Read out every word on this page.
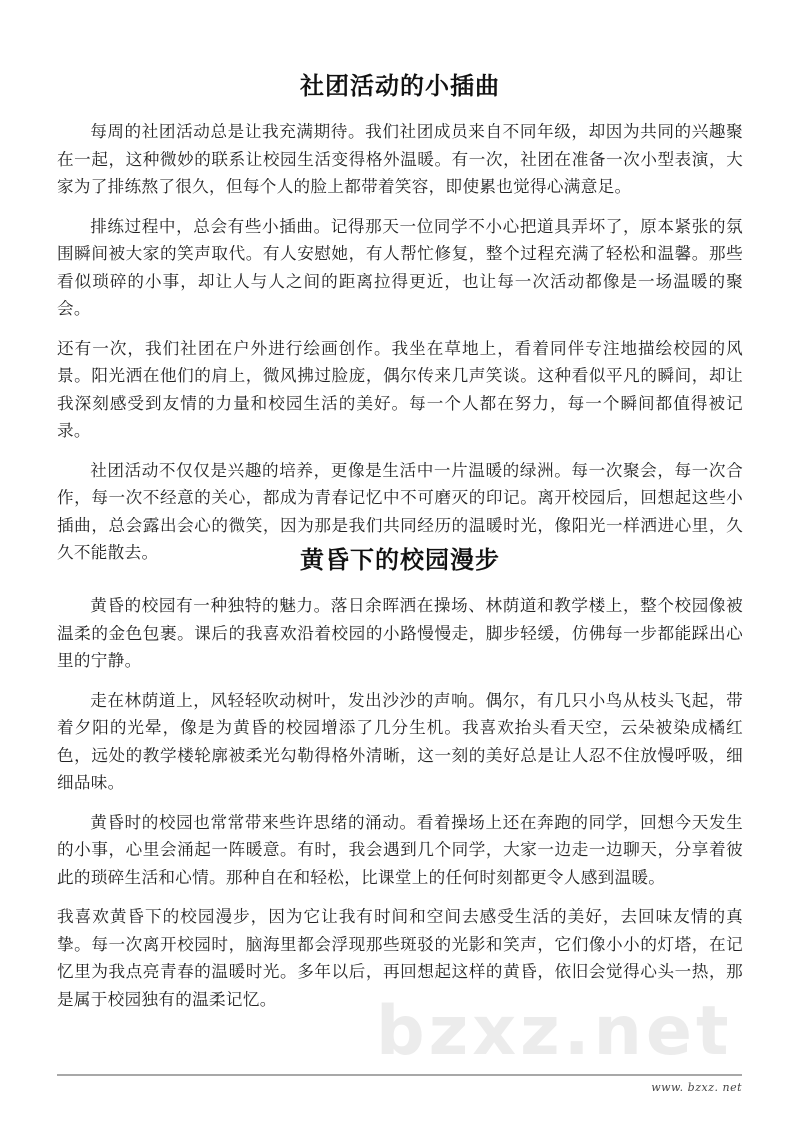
社团活动的小插曲

每周的社团活动总是让我充满期待。我们社团成员来自不同年级，却因为共同的兴趣聚在一起，这种微妙的联系让校园生活变得格外温暖。有一次，社团在准备一次小型表演，大家为了排练熬了很久，但每个人的脸上都带着笑容，即使累也觉得心满意足。

排练过程中，总会有些小插曲。记得那天一位同学不小心把道具弄坏了，原本紧张的氛围瞬间被大家的笑声取代。有人安慰她，有人帮忙修复，整个过程充满了轻松和温馨。那些看似琐碎的小事，却让人与人之间的距离拉得更近，也让每一次活动都像是一场温暖的聚会。

还有一次，我们社团在户外进行绘画创作。我坐在草地上，看着同伴专注地描绘校园的风景。阳光洒在他们的肩上，微风拂过脸庞，偶尔传来几声笑谈。这种看似平凡的瞬间，却让我深刻感受到友情的力量和校园生活的美好。每一个人都在努力，每一个瞬间都值得被记录。

社团活动不仅仅是兴趣的培养，更像是生活中一片温暖的绿洲。每一次聚会，每一次合作，每一次不经意的关心，都成为青春记忆中不可磨灭的印记。离开校园后，回想起这些小插曲，总会露出会心的微笑，因为那是我们共同经历的温暖时光，像阳光一样洒进心里，久久不能散去。	黄昏下的校园漫步

黄昏的校园有一种独特的魅力。落日余晖洒在操场、林荫道和教学楼上，整个校园像被温柔的金色包裹。课后的我喜欢沿着校园的小路慢慢走，脚步轻缓，仿佛每一步都能踩出心里的宁静。

走在林荫道上，风轻轻吹动树叶，发出沙沙的声响。偶尔，有几只小鸟从枝头飞起，带着夕阳的光晕，像是为黄昏的校园增添了几分生机。我喜欢抬头看天空，云朵被染成橘红色，远处的教学楼轮廓被柔光勾勒得格外清晰，这一刻的美好总是让人忍不住放慢呼吸，细细品味。

黄昏时的校园也常常带来些许思绪的涌动。看着操场上还在奔跑的同学，回想今天发生的小事，心里会涌起一阵暖意。有时，我会遇到几个同学，大家一边走一边聊天，分享着彼此的琐碎生活和心情。那种自在和轻松，比课堂上的任何时刻都更令人感到温暖。

我喜欢黄昏下的校园漫步，因为它让我有时间和空间去感受生活的美好，去回味友情的真挚。每一次离开校园时，脑海里都会浮现那些斑驳的光影和笑声，它们像小小的灯塔，在记忆里为我点亮青春的温暖时光。多年以后，再回想起这样的黄昏，依旧会觉得心头一热，那是属于校园独有的温柔记忆。	bzxz.net
www. bzxz. net
